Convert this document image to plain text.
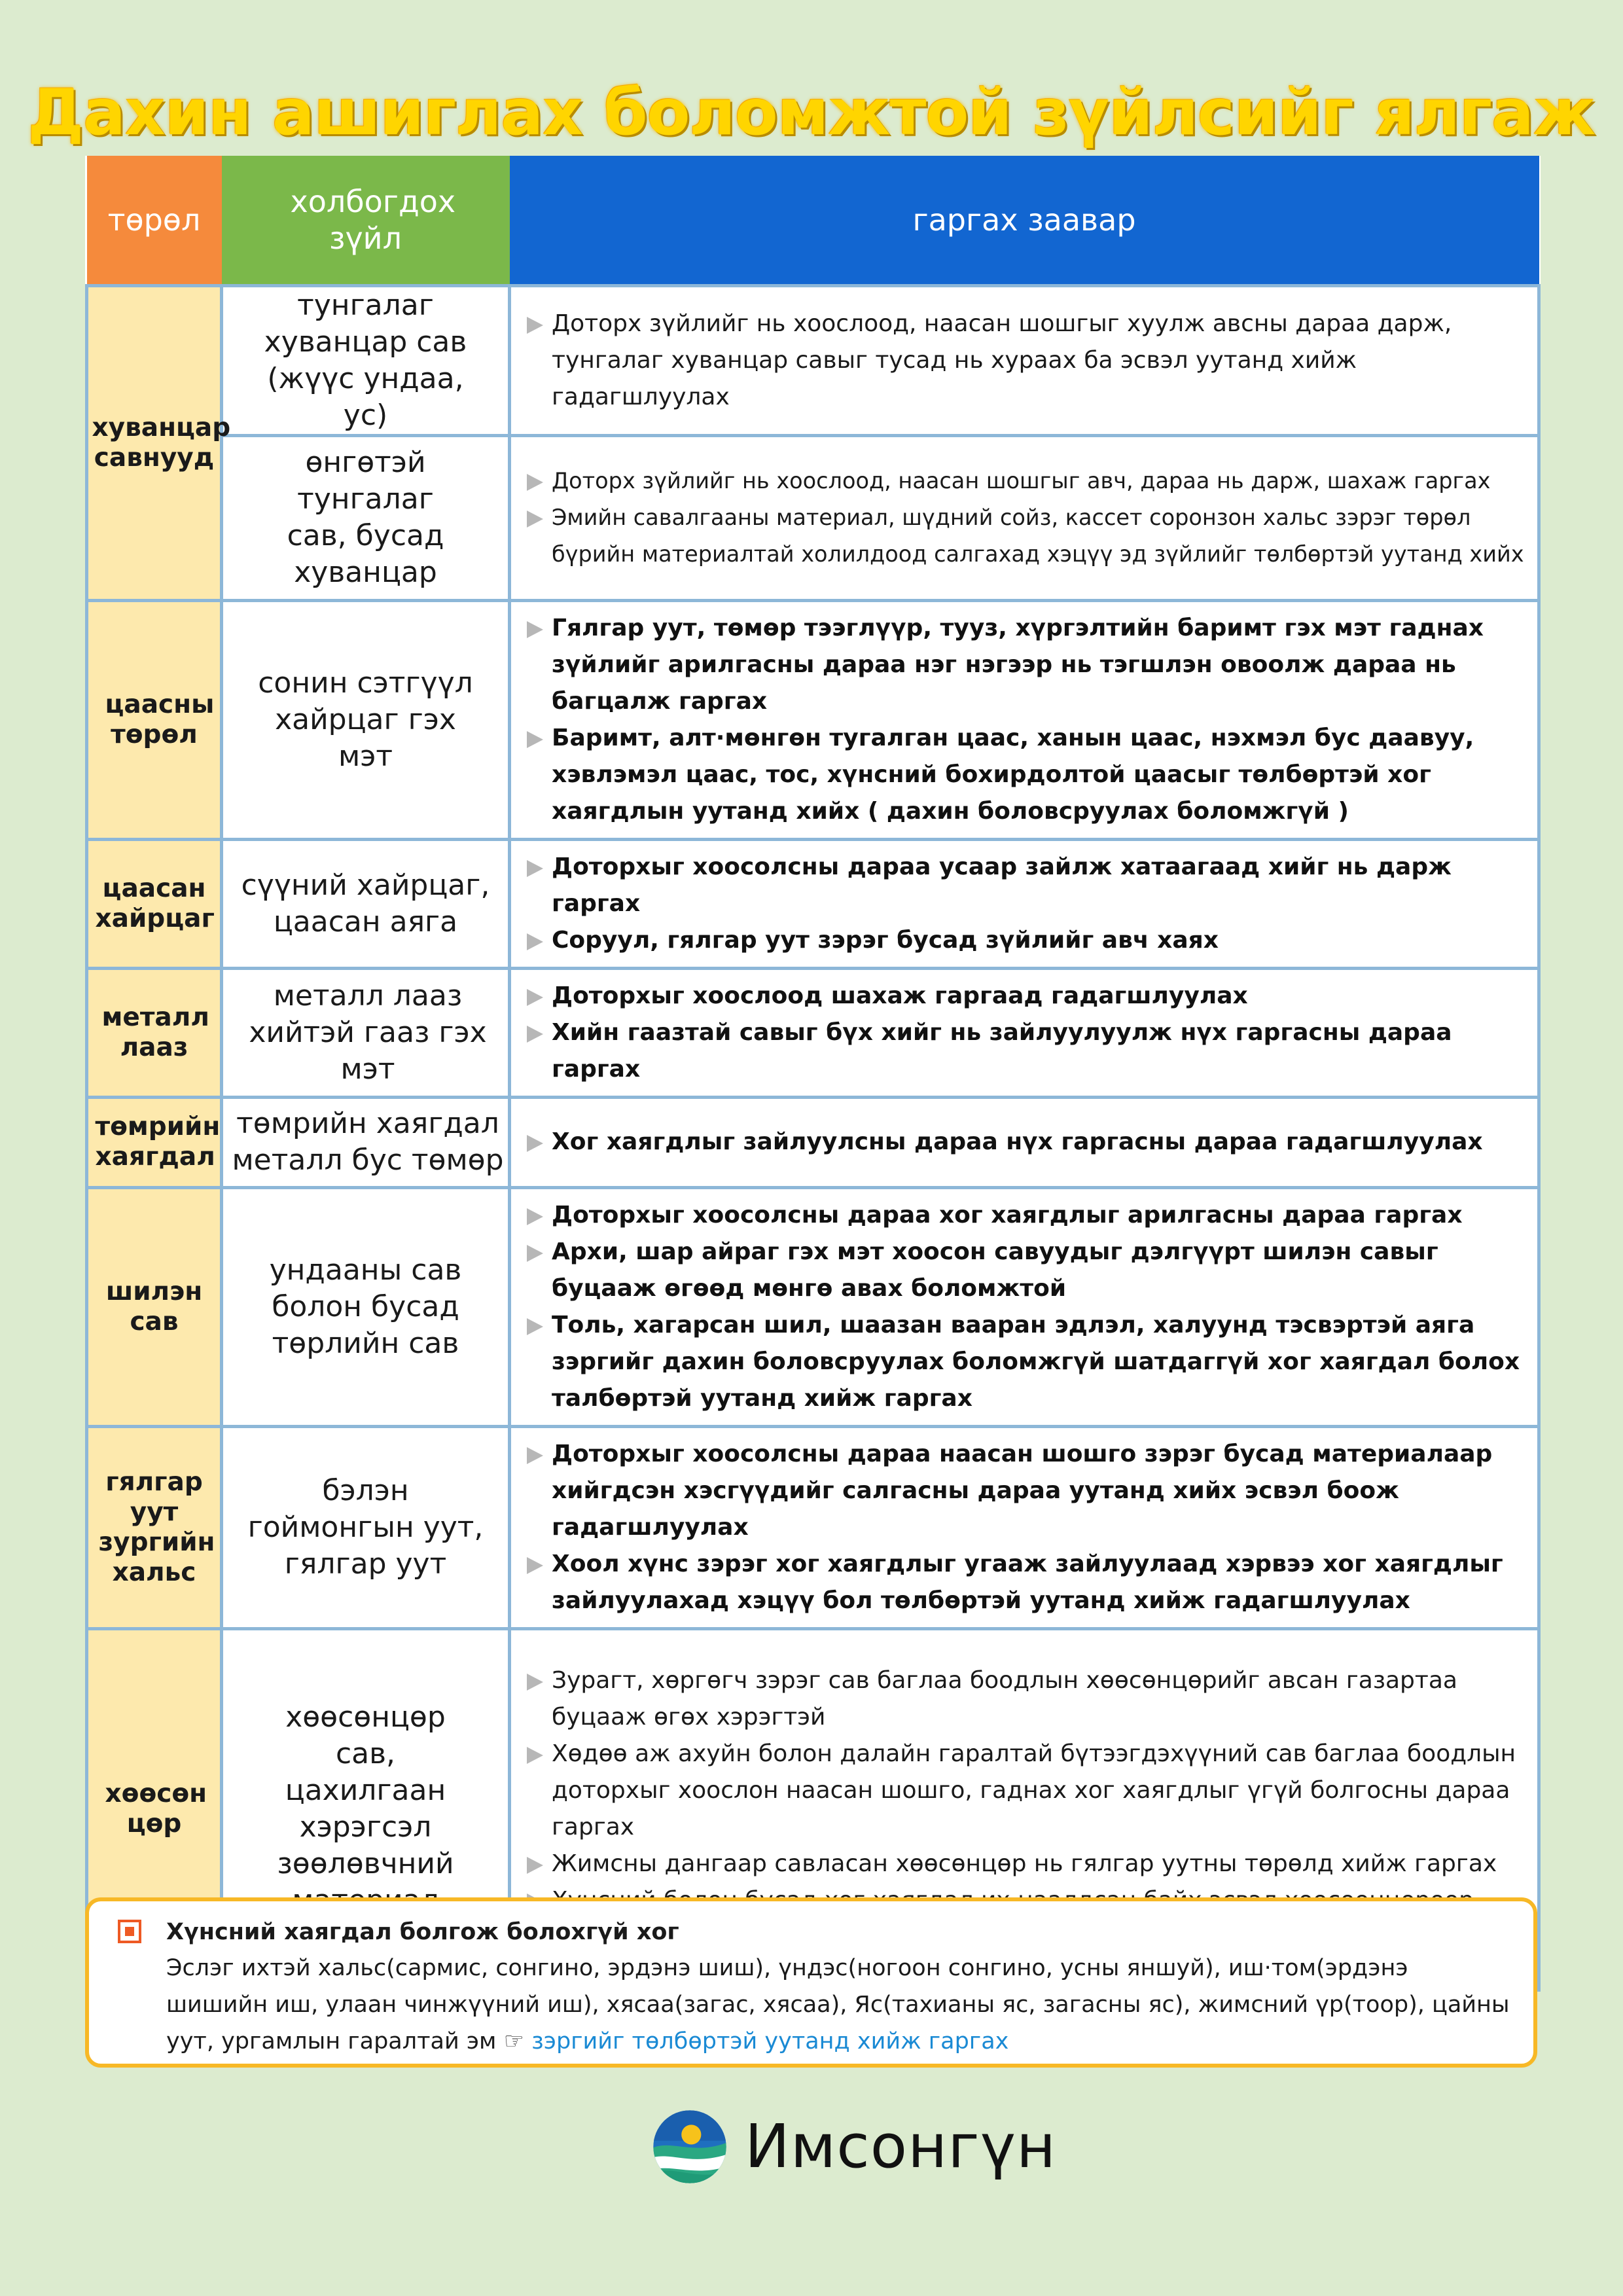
Дахин ашиглах боломжтой зүйлсийг ялгаж
төрөл	холбогдох зүйл	гаргах заавар

хуванцар савнууд	тунгалаг хуванцар сав (жүүс ундаа, ус)	Доторх зүйлийг нь хоослоод, наасан шошгыг хуулж авсны дараа дарж, тунгалаг хуванцар савыг тусад нь хураах ба эсвэл уутанд хийж гадагшлуулах

	өнгөтэй тунгалаг сав, бусад хуванцар	Доторх зүйлийг нь хоослоод, наасан шошгыг авч, дараа нь дарж, шахаж гаргах
Эмийн савалгааны материал, шүдний сойз, кассет соронзон хальс зэрэг төрөл бүрийн материалтай холилдоод салгахад хэцүү эд зүйлийг төлбөртэй уутанд хийх

цаасны төрөл	сонин сэтгүүл хайрцаг гэх мэт	Гялгар уут, төмөр тээглүүр, тууз, хүргэлтийн баримт гэх мэт гаднах зүйлийг арилгасны дараа нэг нэгээр нь тэгшлэн овоолж дараа нь багцалж гаргах
Баримт, алт·мөнгөн тугалган цаас, ханын цаас, нэхмэл бус даавуу, хэвлэмэл цаас, тос, хүнсний бохирдолтой цаасыг төлбөртэй хог хаягдлын уутанд хийх ( дахин боловсруулах боломжгүй )

цаасан хайрцаг	сүүний хайрцаг, цаасан аяга	Доторхыг хоосолсны дараа усаар зайлж хатаагаад хийг нь дарж гаргах
Соруул, гялгар уут зэрэг бусад зүйлийг авч хаях

металл лааз	металл лааз хийтэй гааз гэх мэт	Доторхыг хоослоод шахаж гаргаад гадагшлуулах
Хийн гаазтай савыг бүх хийг нь зайлуулуулж нүх гаргасны дараа гаргах

төмрийн хаягдал	төмрийн хаягдал металл бус төмөр	Хог хаягдлыг зайлуулсны дараа нүх гаргасны дараа гадагшлуулах

шилэн сав	ундааны сав болон бусад төрлийн сав	Доторхыг хоосолсны дараа хог хаягдлыг арилгасны дараа гаргах
Архи, шар айраг гэх мэт хоосон савуудыг дэлгүүрт шилэн савыг буцааж өгөөд мөнгө авах боломжтой
Толь, хагарсан шил, шаазан вааран эдлэл, халуунд тэсвэртэй аяга зэргийг дахин боловсруулах боломжгүй шатдаггүй хог хаягдал болох талбөртэй уутанд хийж гаргах

гялгар уут зургийн хальс	бэлэн гоймонгын уут, гялгар уут	Доторхыг хоосолсны дараа наасан шошго зэрэг бусад материалаар хийгдсэн хэсгүүдийг салгасны дараа уутанд хийх эсвэл боож гадагшлуулах
Хоол хүнс зэрэг хог хаягдлыг угааж зайлуулаад хэрвээ хог хаягдлыг зайлуулахад хэцүү бол төлбөртэй уутанд хийж гадагшлуулах

хөөсөн цөр	хөөсөнцөр сав, цахилгаан хэрэгсэл зөөлөвчний	Зурагт, хөргөгч зэрэг сав баглаа боодлын хөөсөнцөрийг авсан газартаа буцааж өгөх хэрэгтэй
Хөдөө аж ахуйн болон далайн гаралтай бүтээгдэхүүний сав баглаа боодлын доторхыг хоослон наасан шошго, гаднах хог хаягдлыг үгүй болгосны дараа гаргах
Жимсны дангаар савласан хөөсөнцөр нь гялгар уутны төрөлд хийж гаргах
Хүнсний хаягдал болгож болохгүй хог
Эслэг ихтэй хальс(сармис, сонгино, эрдэнэ шиш), үндэс(ногоон сонгино, усны яншуй), иш·том(эрдэнэ шишийн иш, улаан чинжүүний иш), хясаа(загас, хясаа), Яс(тахианы яс, загасны яс), жимсний үр(тоор), цайны уут, ургамлын гаралтай эм ☞ зэргийг төлбөртэй уутанд хийж гаргах
Имсонгүн
